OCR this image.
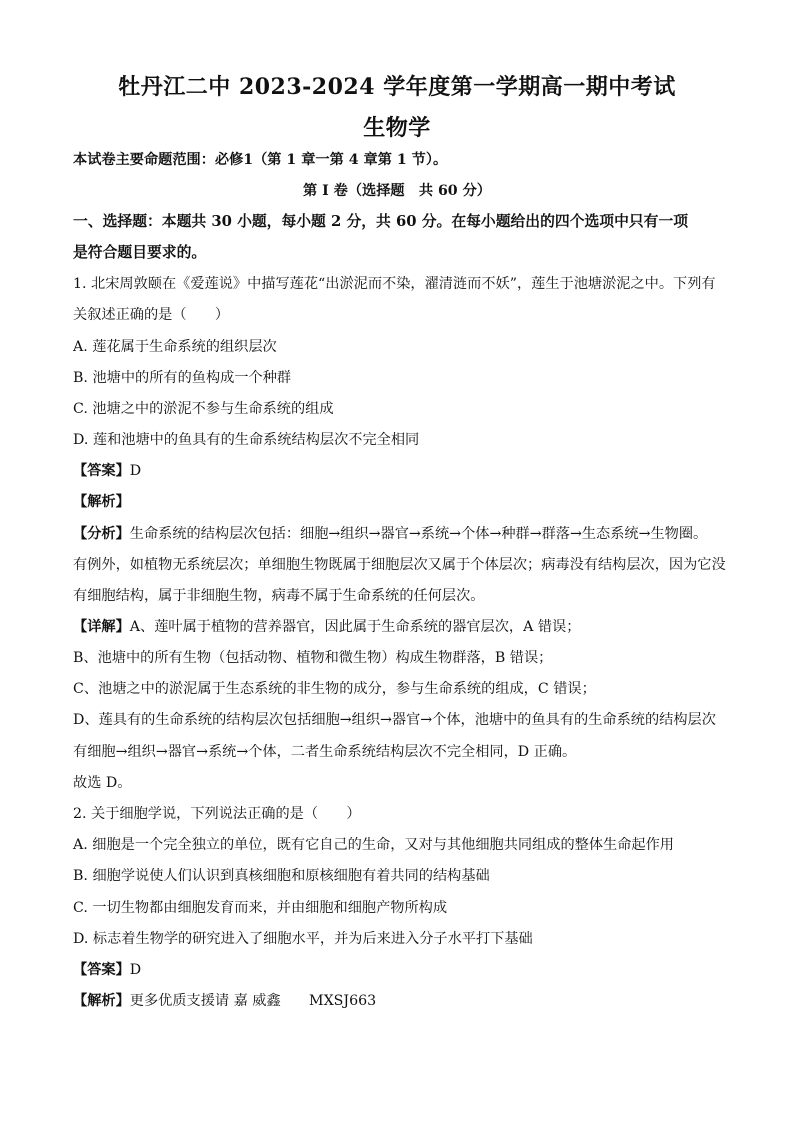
牡丹江二中 2023-2024 学年度第一学期高一期中考试
生物学
本试卷主要命题范围：必修1（第 1 章一第 4 章第 1 节）。
第 I 卷（选择题　共 60 分）
一、选择题：本题共 30 小题，每小题 2 分，共 60 分。在每小题给出的四个选项中只有一项
是符合题目要求的。
1. 北宋周敦颐在《爱莲说》中描写莲花“出淤泥而不染，濯清涟而不妖”，莲生于池塘淤泥之中。下列有
关叙述正确的是（　　）
A. 莲花属于生命系统的组织层次
B. 池塘中的所有的鱼构成一个种群
C. 池塘之中的淤泥不参与生命系统的组成
D. 莲和池塘中的鱼具有的生命系统结构层次不完全相同
【答案】D
【解析】
【分析】生命系统的结构层次包括：细胞→组织→器官→系统→个体→种群→群落→生态系统→生物圈。
有例外，如植物无系统层次；单细胞生物既属于细胞层次又属于个体层次；病毒没有结构层次，因为它没
有细胞结构，属于非细胞生物，病毒不属于生命系统的任何层次。
【详解】A、莲叶属于植物的营养器官，因此属于生命系统的器官层次，A 错误；
B、池塘中的所有生物（包括动物、植物和微生物）构成生物群落，B 错误；
C、池塘之中的淤泥属于生态系统的非生物的成分，参与生命系统的组成，C 错误；
D、莲具有的生命系统的结构层次包括细胞→组织→器官→个体，池塘中的鱼具有的生命系统的结构层次
有细胞→组织→器官→系统→个体，二者生命系统结构层次不完全相同，D 正确。
故选 D。
2. 关于细胞学说，下列说法正确的是（　　）
A. 细胞是一个完全独立的单位，既有它自己的生命，又对与其他细胞共同组成的整体生命起作用
B. 细胞学说使人们认识到真核细胞和原核细胞有着共同的结构基础
C. 一切生物都由细胞发育而来，并由细胞和细胞产物所构成
D. 标志着生物学的研究进入了细胞水平，并为后来进入分子水平打下基础
【答案】D
【解析】更多优质支援请 嘉 威鑫　　MXSJ663
